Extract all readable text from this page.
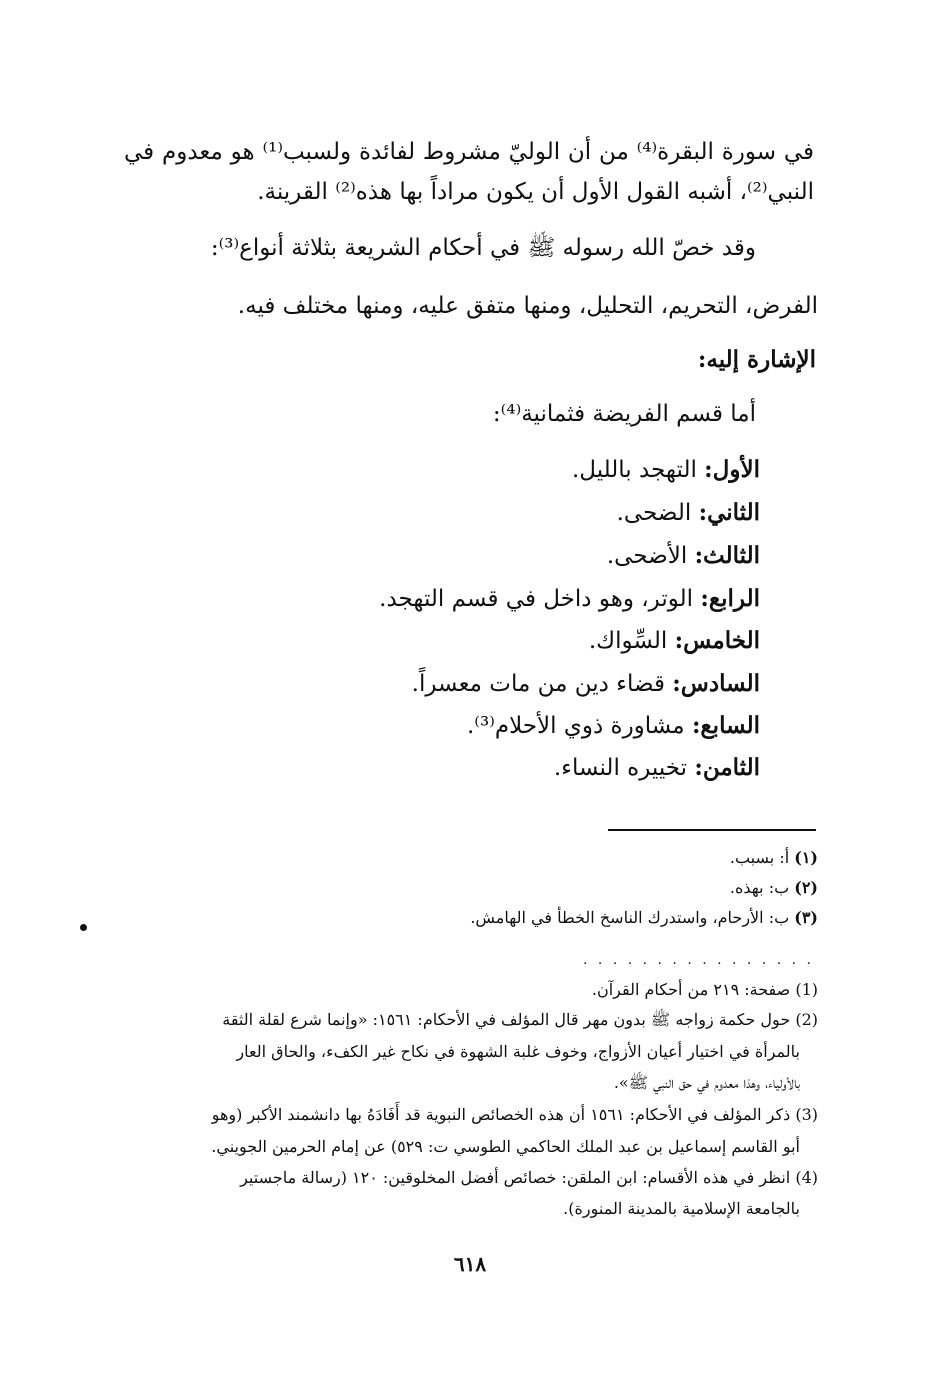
في سورة البقرة⁽⁴⁾ من أن الوليّ مشروط لفائدة ولسبب⁽¹⁾ هو معدوم في
النبي⁽²⁾، أشبه القول الأول أن يكون مراداً بها هذه⁽²⁾ القرينة.
وقد خصّ الله رسوله ﷺ في أحكام الشريعة بثلاثة أنواع⁽³⁾:
الفرض، التحريم، التحليل، ومنها متفق عليه، ومنها مختلف فيه.
الإشارة إليه:
أما قسم الفريضة فثمانية⁽⁴⁾:
الأول: التهجد بالليل.
الثاني: الضحى.
الثالث: الأضحى.
الرابع: الوتر، وهو داخل في قسم التهجد.
الخامس: السِّواك.
السادس: قضاء دين من مات معسراً.
السابع: مشاورة ذوي الأحلام⁽³⁾.
الثامن: تخييره النساء.
(١) أ: بسبب.
(٢) ب: بهذه.
(٣) ب: الأرحام، واستدرك الناسخ الخطأ في الهامش.
. . . . . . . . . . . . . . . .
(1) صفحة: ٢١٩ من أحكام القرآن.
(2) حول حكمة زواجه ﷺ بدون مهر قال المؤلف في الأحكام: ١٥٦١: «وإنما شرع لقلة الثقة
بالمرأة في اختيار أعيان الأزواج، وخوف غلبة الشهوة في نكاح غير الكفء، والحاق العار
بالأولياء، وهذا معدوم في حق النبي ﷺ».
(3) ذكر المؤلف في الأحكام: ١٥٦١ أن هذه الخصائص النبوية قد أَفَادَهُ بها دانشمند الأكبر (وهو
أبو القاسم إسماعيل بن عبد الملك الحاكمي الطوسي ت: ٥٢٩) عن إمام الحرمين الجويني.
(4) انظر في هذه الأقسام: ابن الملقن: خصائص أفضل المخلوقين: ١٢٠ (رسالة ماجستير
بالجامعة الإسلامية بالمدينة المنورة).
٦١٨
